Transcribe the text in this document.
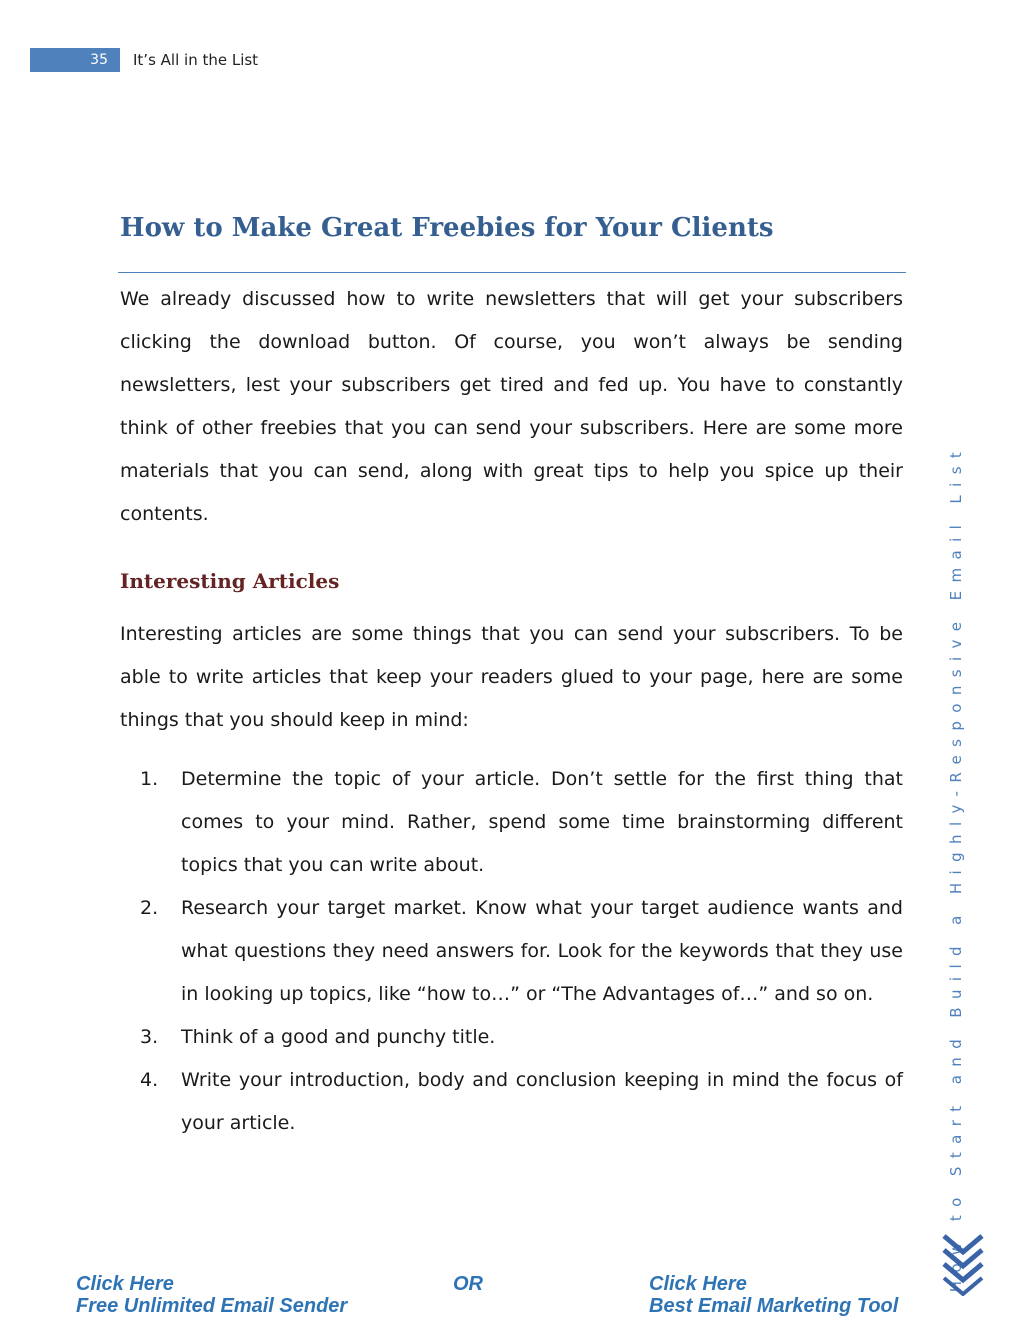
35 It’s All in the List
How to Make Great Freebies for Your Clients

We already discussed how to write newsletters that will get your subscribers clicking the download button. Of course, you won’t always be sending newsletters, lest your subscribers get tired and fed up. You have to constantly think of other freebies that you can send your subscribers. Here are some more materials that you can send, along with great tips to help you spice up their contents.

Interesting Articles

Interesting articles are some things that you can send your subscribers. To be able to write articles that keep your readers glued to your page, here are some things that you should keep in mind:

1.	Determine the topic of your article. Don’t settle for the first thing that comes to your mind. Rather, spend some time brainstorming different topics that you can write about.
2.	Research your target market. Know what your target audience wants and what questions they need answers for. Look for the keywords that they use in looking up topics, like “how to…” or “The Advantages of…” and so on.
3.	Think of a good and punchy title.
4.	Write your introduction, body and conclusion keeping in mind the focus of your article.	How to Start and Build a Highly-Responsive Email List
Click Here
Free Unlimited Email Sender
OR	Click Here
Best Email Marketing Tool
